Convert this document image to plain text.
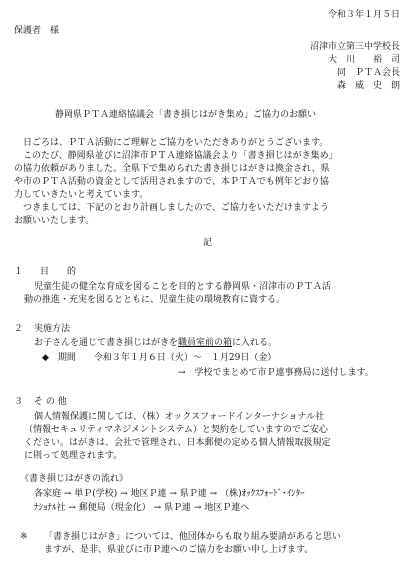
令和３年１月５日
保護者　様
沼津市立第三中学校長
大　川　　裕　司
同　ＰＴＡ会長
森　威　史　朗
静岡県ＰＴＡ連絡協議会「書き損じはがき集め」ご協力のお願い
日ごろは、ＰＴＡ活動にご理解とご協力をいただきありがとうございます。
このたび、静岡県並びに沼津市ＰＴＡ連絡協議会より「書き損じはがき集め」
の協力依頼がありました。全県下で集められた書き損じはがきは換金され、県
や市のＰＴＡ活動の資金として活用されますので、本ＰＴＡでも例年どおり協
力していきたいと考えています。
つきましては、下記のとおり計画しましたので、ご協力をいただけますよう
お願いいたします。
記
１ 目　　的
児童生徒の健全な育成を図ることを目的とする静岡県・沼津市のＰＴＡ活
動の推進・充実を図るとともに、児童生徒の環境教育に資する。
２ 実施方法
お子さんを通じて書き損じはがきを職員室前の箱に入れる。
◆　期間　　令和３年１月６日（火）～　１月29日（金）
→　学校でまとめて市Ｐ連事務局に送付します。
３ そ の 他
個人情報保護に関しては、（株）オックスフォードインターナショナル社
（情報セキュリティマネジメントシステム）と契約をしていますのでご安心
ください。はがきは、会社で管理され、日本郵便の定める個人情報取扱規定
に則って処理されます。
《書き損じはがきの流れ》
各家庭 → 単Ｐ(学校) → 地区Ｐ連 → 県Ｐ連 → （株)ｵｯｸｽﾌｫｰﾄﾞ･ｲﾝﾀｰ
ﾅｼｮﾅﾙ社 → 郵便局（現金化） → 県Ｐ連 → 地区Ｐ連へ
※ 「書き損じはがき」については、他団体からも取り組み要請があると思い
ますが、是非、県並びに市Ｐ連へのご協力をお願い申し上げます。
